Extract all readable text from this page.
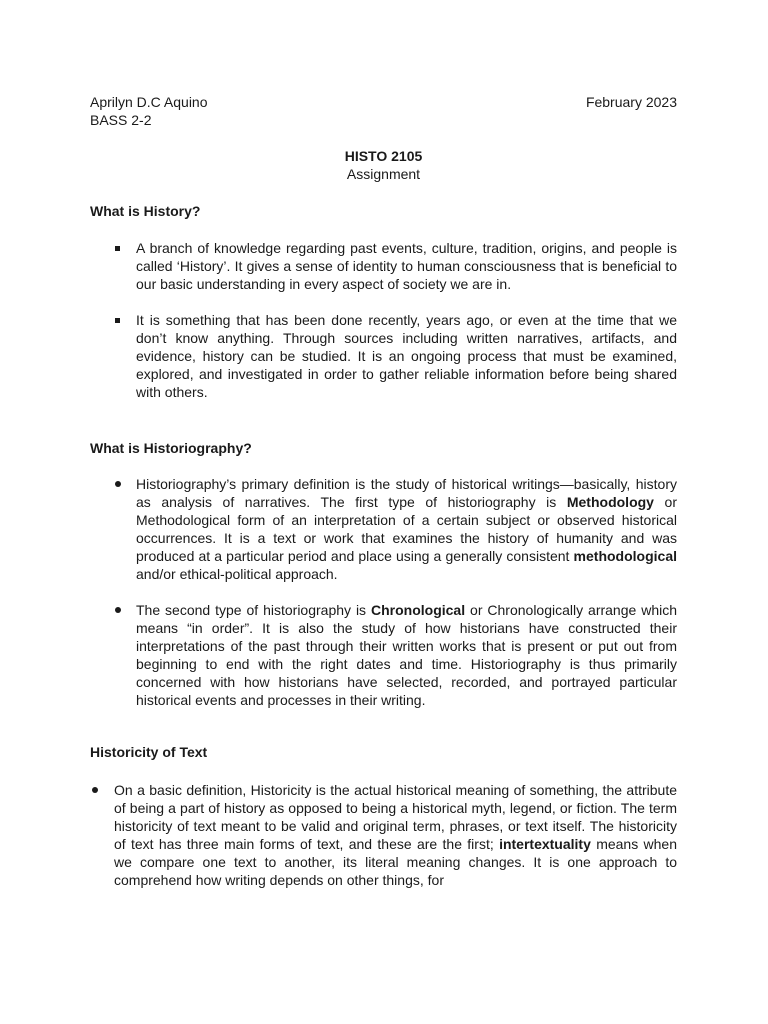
Aprilyn D.C Aquino
BASS 2-2
February 2023
HISTO 2105
Assignment

What is History?

A branch of knowledge regarding past events, culture, tradition, origins, and people is called ‘History’. It gives a sense of identity to human consciousness that is beneficial to our basic understanding in every aspect of society we are in.
It is something that has been done recently, years ago, or even at the time that we don’t know anything. Through sources including written narratives, artifacts, and evidence, history can be studied. It is an ongoing process that must be examined, explored, and investigated in order to gather reliable information before being shared with others.

What is Historiography?

Historiography’s primary definition is the study of historical writings—basically, history as analysis of narratives. The first type of historiography is Methodology or Methodological form of an interpretation of a certain subject or observed historical occurrences. It is a text or work that examines the history of humanity and was produced at a particular period and place using a generally consistent methodological and/or ethical-political approach.
The second type of historiography is Chronological or Chronologically arrange which means “in order”. It is also the study of how historians have constructed their interpretations of the past through their written works that is present or put out from beginning to end with the right dates and time. Historiography is thus primarily concerned with how historians have selected, recorded, and portrayed particular historical events and processes in their writing.

Historicity of Text

On a basic definition, Historicity is the actual historical meaning of something, the attribute of being a part of history as opposed to being a historical myth, legend, or fiction. The term historicity of text meant to be valid and original term, phrases, or text itself. The historicity of text has three main forms of text, and these are the first; intertextuality means when we compare one text to another, its literal meaning changes. It is one approach to comprehend how writing depends on other things, for
